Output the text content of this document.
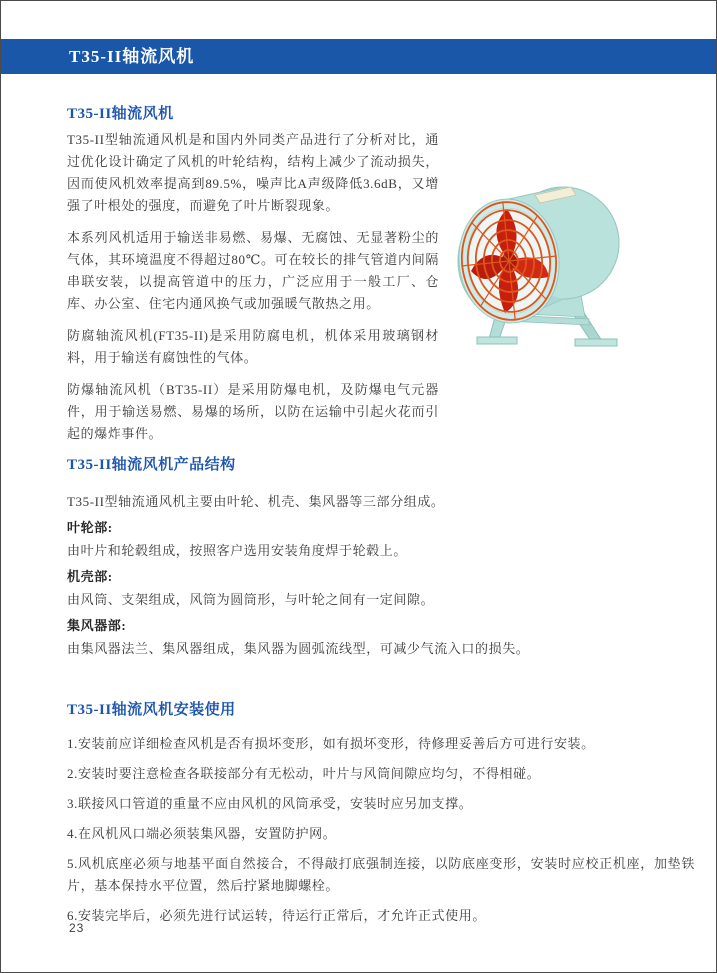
T35-II轴流风机
T35-II轴流风机

T35-II型轴流通风机是和国内外同类产品进行了分析对比，通过优化设计确定了风机的叶轮结构，结构上减少了流动损失，因而使风机效率提高到89.5%，噪声比A声级降低3.6dB，又增强了叶根处的强度，而避免了叶片断裂现象。

本系列风机适用于输送非易燃、易爆、无腐蚀、无显著粉尘的气体，其环境温度不得超过80℃。可在较长的排气管道内间隔串联安装，以提高管道中的压力，广泛应用于一般工厂、仓库、办公室、住宅内通风换气或加强暖气散热之用。

防腐轴流风机(FT35-II)是采用防腐电机，机体采用玻璃钢材料，用于输送有腐蚀性的气体。

防爆轴流风机（BT35-II）是采用防爆电机，及防爆电气元器件，用于输送易燃、易爆的场所，以防在运输中引起火花而引起的爆炸事件。

T35-II轴流风机产品结构

T35-II型轴流通风机主要由叶轮、机壳、集风器等三部分组成。

叶轮部:

由叶片和轮毂组成，按照客户选用安装角度焊于轮毂上。

机壳部:

由风筒、支架组成，风筒为圆筒形，与叶轮之间有一定间隙。

集风器部:

由集风器法兰、集风器组成，集风器为圆弧流线型，可减少气流入口的损失。

T35-II轴流风机安装使用

1.安装前应详细检查风机是否有损坏变形，如有损坏变形，待修理妥善后方可进行安装。

2.安装时要注意检查各联接部分有无松动，叶片与风筒间隙应均匀，不得相碰。

3.联接风口管道的重量不应由风机的风筒承受，安装时应另加支撑。

4.在风机风口端必须装集风器，安置防护网。

5.风机底座必须与地基平面自然接合，不得敲打底强制连接，以防底座变形，安装时应校正机座，加垫铁片，基本保持水平位置，然后拧紧地脚螺栓。

6.安装完毕后，必须先进行试运转，待运行正常后，才允许正式使用。

23
